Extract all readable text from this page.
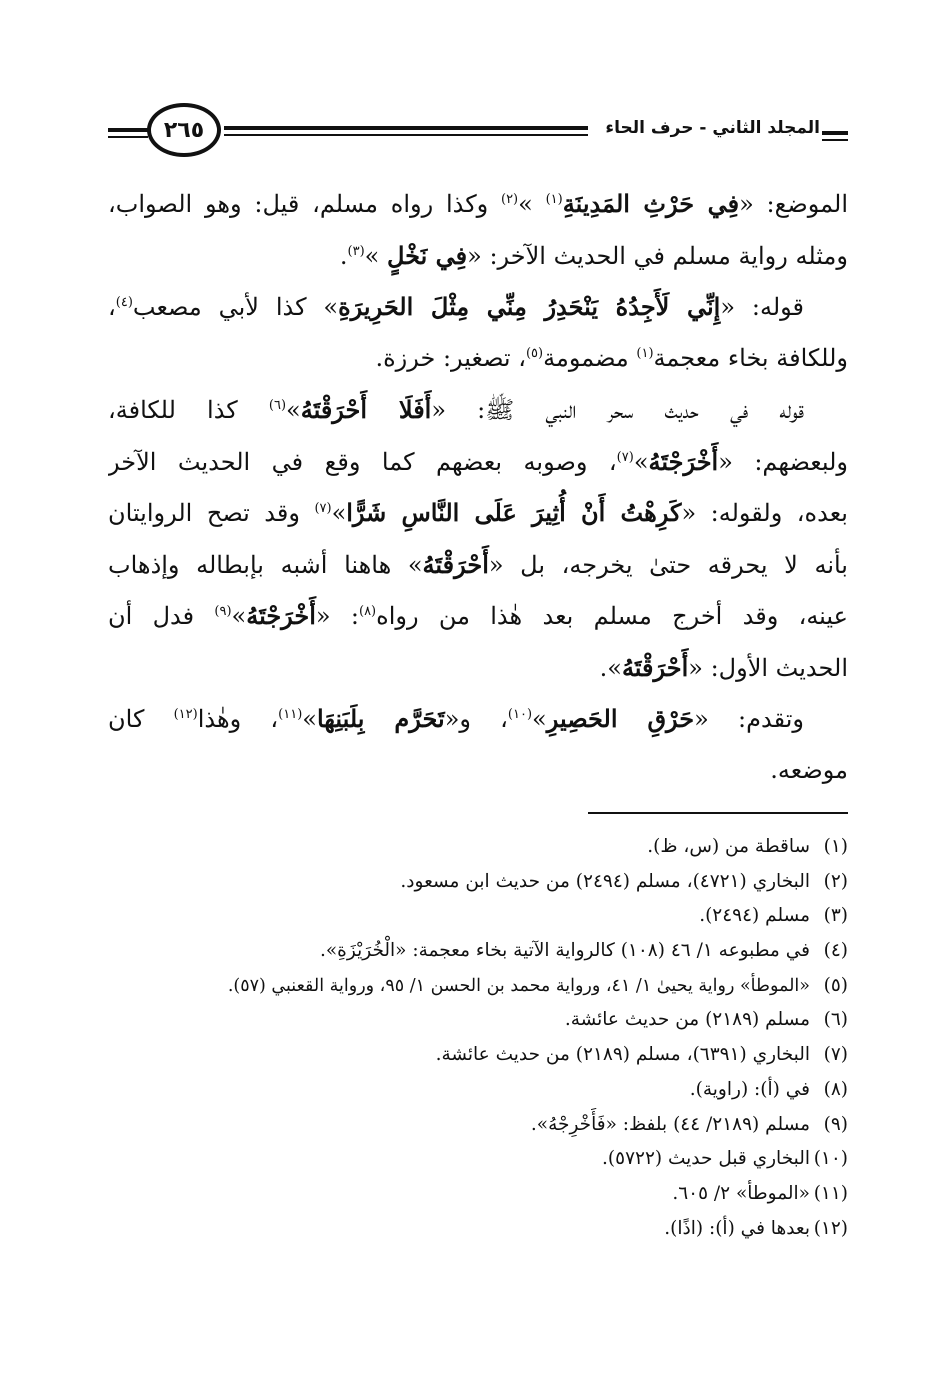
٢٦٥	المجلد الثاني - حرف الحاء
الموضع: «فِي حَرْثِ المَدِينَةِ$^{(١)}$ »$^{(٢)}$ وكذا رواه مسلم، قيل: وهو الصواب،
ومثله رواية مسلم في الحديث الآخر: «فِي نَخْلٍ »$^{(٣)}$.
قوله: «إِنِّي لَأَجِدُهُ يَنْحَدِرُ مِنِّي مِثْلَ الحَرِيرَةِ» كذا لأبي مصعب$^{(٤)}$،
وللكافة بخاء معجمة$^{(١)}$ مضمومة$^{(٥)}$، تصغير: خرزة.
قوله في حديث سحر النبي ﷺ: «أَفَلَا أَحْرَقْتَهُ»$^{(٦)}$ كذا للكافة،
ولبعضهم: «أَخْرَجْتَهُ»$^{(٧)}$، وصوبه بعضهم كما وقع في الحديث الآخر
بعده، ولقوله: «كَرِهْتُ أَنْ أُثِيرَ عَلَى النَّاسِ شَرًّا»$^{(٧)}$ وقد تصح الروايتان
بأنه لا يحرقه حتىٰ يخرجه، بل «أَحْرَقْتَهُ» هاهنا أشبه بإبطاله وإذهاب
عينه، وقد أخرج مسلم بعد هٰذا من رواه$^{(٨)}$: «أَخْرَجْتَهُ»$^{(٩)}$ فدل أن
الحديث الأول: «أَحْرَقْتَهُ».
وتقدم: «حَرْقِ الحَصِيرِ»$^{(١٠)}$، و«تَحَرَّم بِلَبَنِهَا»$^{(١١)}$، وهٰذا$^{(١٢)}$ كان
موضعه.
(١)
ساقطة من (س، ظ).
(٢)
البخاري (٤٧٢١)، مسلم (٢٤٩٤) من حديث ابن مسعود.
(٣)
مسلم (٢٤٩٤).
(٤)
في مطبوعه ١/ ٤٦ (١٠٨) كالرواية الآتية بخاء معجمة: «الْخُرَيْزَةِ».
(٥)
«الموطأ» رواية يحيىٰ ١/ ٤١، ورواية محمد بن الحسن ١/ ٩٥، ورواية القعنبي (٥٧).
(٦)
مسلم (٢١٨٩) من حديث عائشة.
(٧)
البخاري (٦٣٩١)، مسلم (٢١٨٩) من حديث عائشة.
(٨)
في (أ): (راوية).
(٩)
مسلم (٢١٨٩/ ٤٤) بلفظ: «فَأَخْرِجْهُ».
(١٠)
البخاري قبل حديث (٥٧٢٢).
(١١)
«الموطأ» ٢/ ٦٠٥.
(١٢)
بعدها في (أ): (اذًا).
